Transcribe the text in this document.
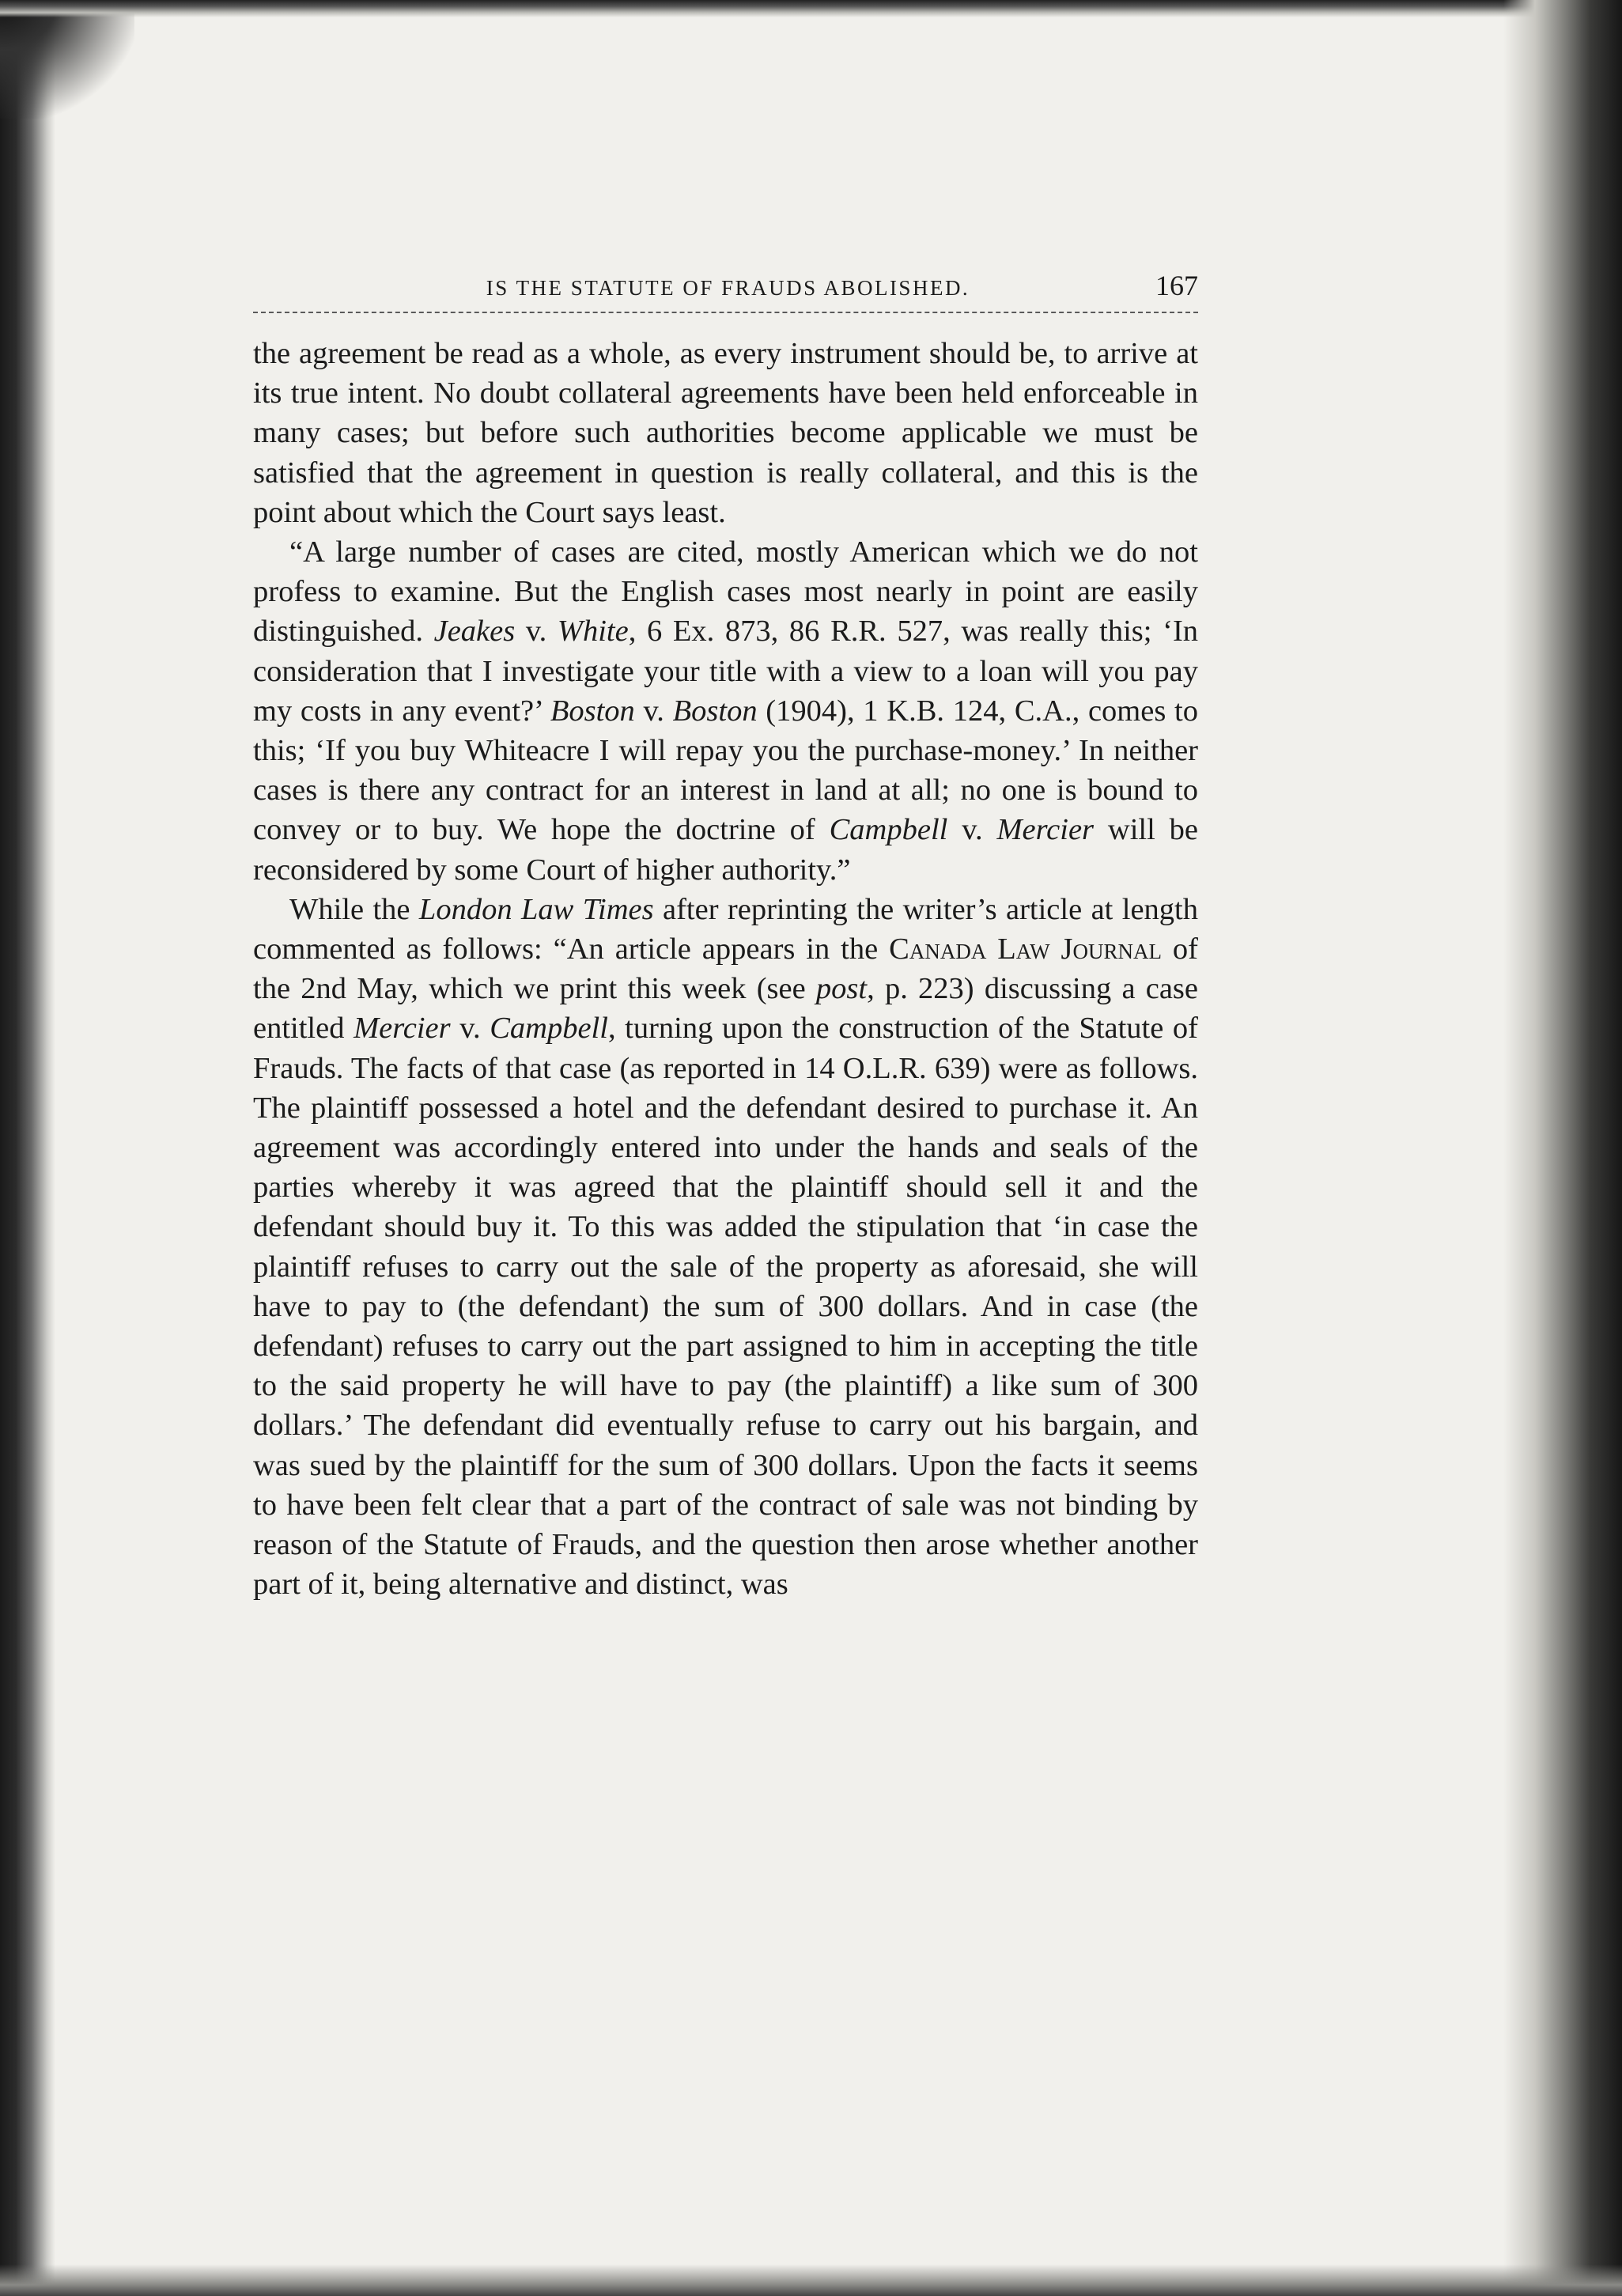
IS THE STATUTE OF FRAUDS ABOLISHED.	167

the agreement be read as a whole, as every instrument should be, to arrive at its true intent. No doubt collateral agreements have been held enforceable in many cases; but before such authorities become applicable we must be satisfied that the agreement in question is really collateral, and this is the point about which the Court says least.

“A large number of cases are cited, mostly American which we do not profess to examine. But the English cases most nearly in point are easily distinguished. Jeakes v. White, 6 Ex. 873, 86 R.R. 527, was really this; ‘In consideration that I investigate your title with a view to a loan will you pay my costs in any event?’ Boston v. Boston (1904), 1 K.B. 124, C.A., comes to this; ‘If you buy Whiteacre I will repay you the purchase-money.’ In neither cases is there any contract for an interest in land at all; no one is bound to convey or to buy. We hope the doctrine of Campbell v. Mercier will be reconsidered by some Court of higher authority.”

While the London Law Times after reprinting the writer’s article at length commented as follows: “An article appears in the Canada Law Journal of the 2nd May, which we print this week (see post, p. 223) discussing a case entitled Mercier v. Campbell, turning upon the construction of the Statute of Frauds. The facts of that case (as reported in 14 O.L.R. 639) were as follows. The plaintiff possessed a hotel and the defendant desired to purchase it. An agreement was accordingly entered into under the hands and seals of the parties whereby it was agreed that the plaintiff should sell it and the defendant should buy it. To this was added the stipulation that ‘in case the plaintiff refuses to carry out the sale of the property as aforesaid, she will have to pay to (the defendant) the sum of 300 dollars. And in case (the defendant) refuses to carry out the part assigned to him in accepting the title to the said property he will have to pay (the plaintiff) a like sum of 300 dollars.’ The defendant did eventually refuse to carry out his bargain, and was sued by the plaintiff for the sum of 300 dollars. Upon the facts it seems to have been felt clear that a part of the contract of sale was not binding by reason of the Statute of Frauds, and the question then arose whether another part of it, being alternative and distinct, was
